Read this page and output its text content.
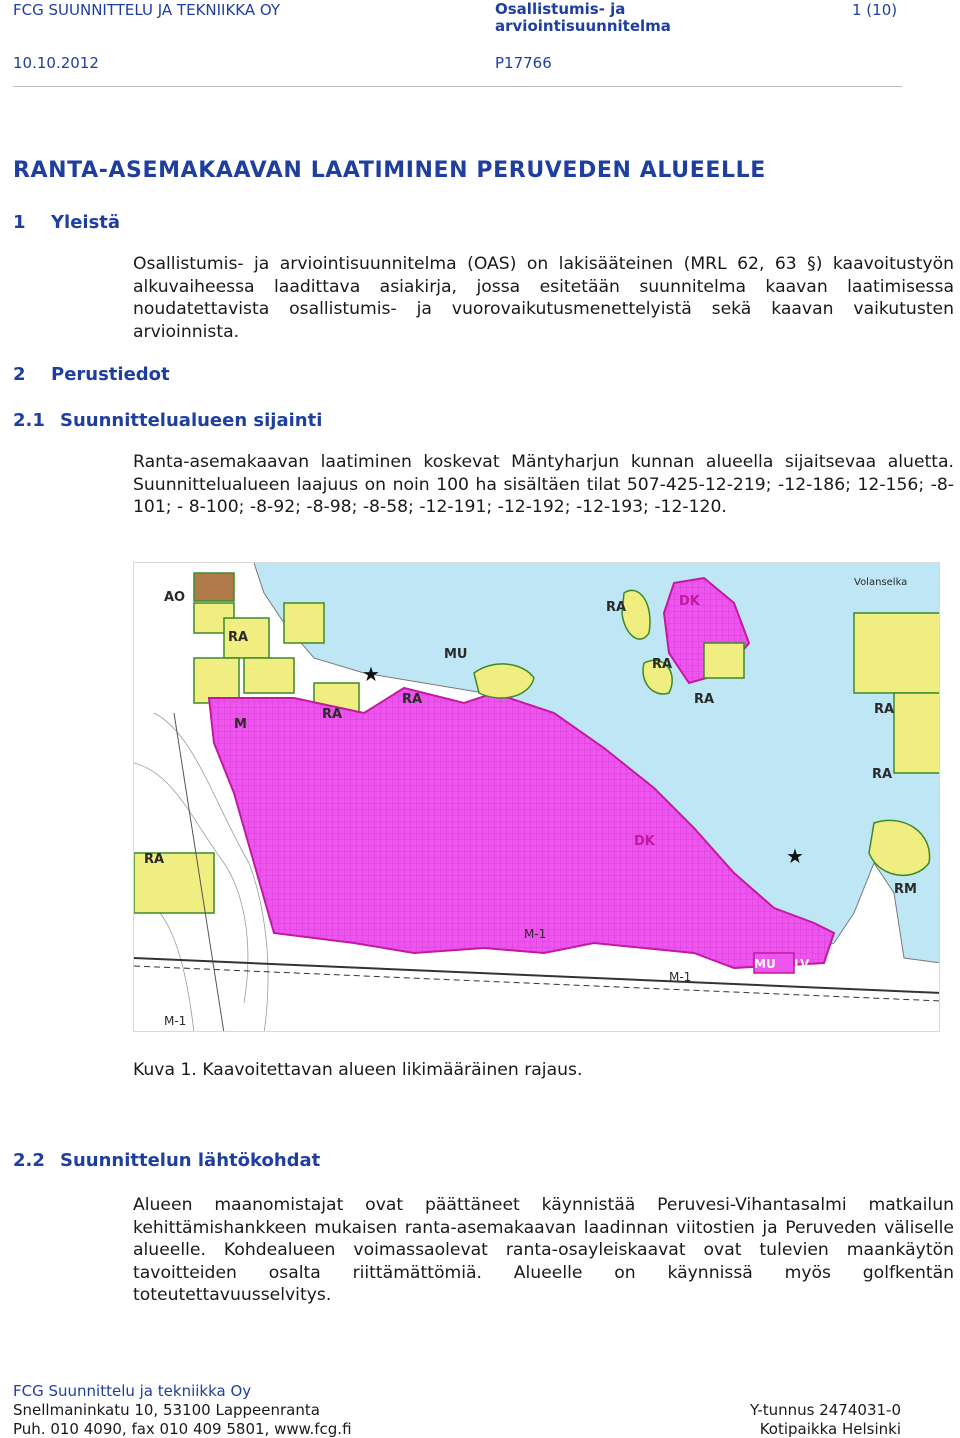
FCG SUUNNITTELU JA TEKNIIKKA OY	Osallistumis- ja arviointisuunnitelma
1 (10)
10.10.2012	P17766
RANTA-ASEMAKAAVAN LAATIMINEN PERUVEDEN ALUEELLE
1 Yleistä
Osallistumis- ja arviointisuunnitelma (OAS) on lakisääteinen (MRL 62, 63 §) kaavoitustyön alkuvaiheessa laadittava asiakirja, jossa esitetään suunnitelma kaavan laatimisessa noudatettavista osallistumis- ja vuorovaikutusmenettelyistä sekä kaavan vaikutusten arvioinnista.
2 Perustiedot
2.1 Suunnittelualueen sijainti
Ranta-asemakaavan laatiminen koskevat Mäntyharjun kunnan alueella sijaitsevaa aluetta. Suunnittelualueen laajuus on noin 100 ha sisältäen tilat 507-425-12-219; -12-186; 12-156; -8-101; - 8-100; -8-92; -8-98; -8-58; -12-191; -12-192; -12-193; -12-120.
★
★
AO
RA
RA	DK
Volanselka
MU
RA
RA
RA
RA
M
RA
RA
DK
RA
RM
M-1
M-1
MU LV
P
M-1
Kuva 1. Kaavoitettavan alueen likimääräinen rajaus.
2.2 Suunnittelun lähtökohdat
Alueen maanomistajat ovat päättäneet käynnistää Peruvesi-Vihantasalmi matkailun kehittämishankkeen mukaisen ranta-asemakaavan laadinnan viitostien ja Peruveden väliselle alueelle. Kohdealueen voimassaolevat ranta-osayleiskaavat ovat tulevien maankäytön tavoitteiden osalta riittämättömiä. Alueelle on käynnissä myös golfkentän toteutettavuusselvitys.
FCG Suunnittelu ja tekniikka Oy
Snellmaninkatu 10, 53100 Lappeenranta
Puh. 010 4090, fax 010 409 5801, www.fcg.fi
Y-tunnus 2474031-0
Kotipaikka Helsinki
